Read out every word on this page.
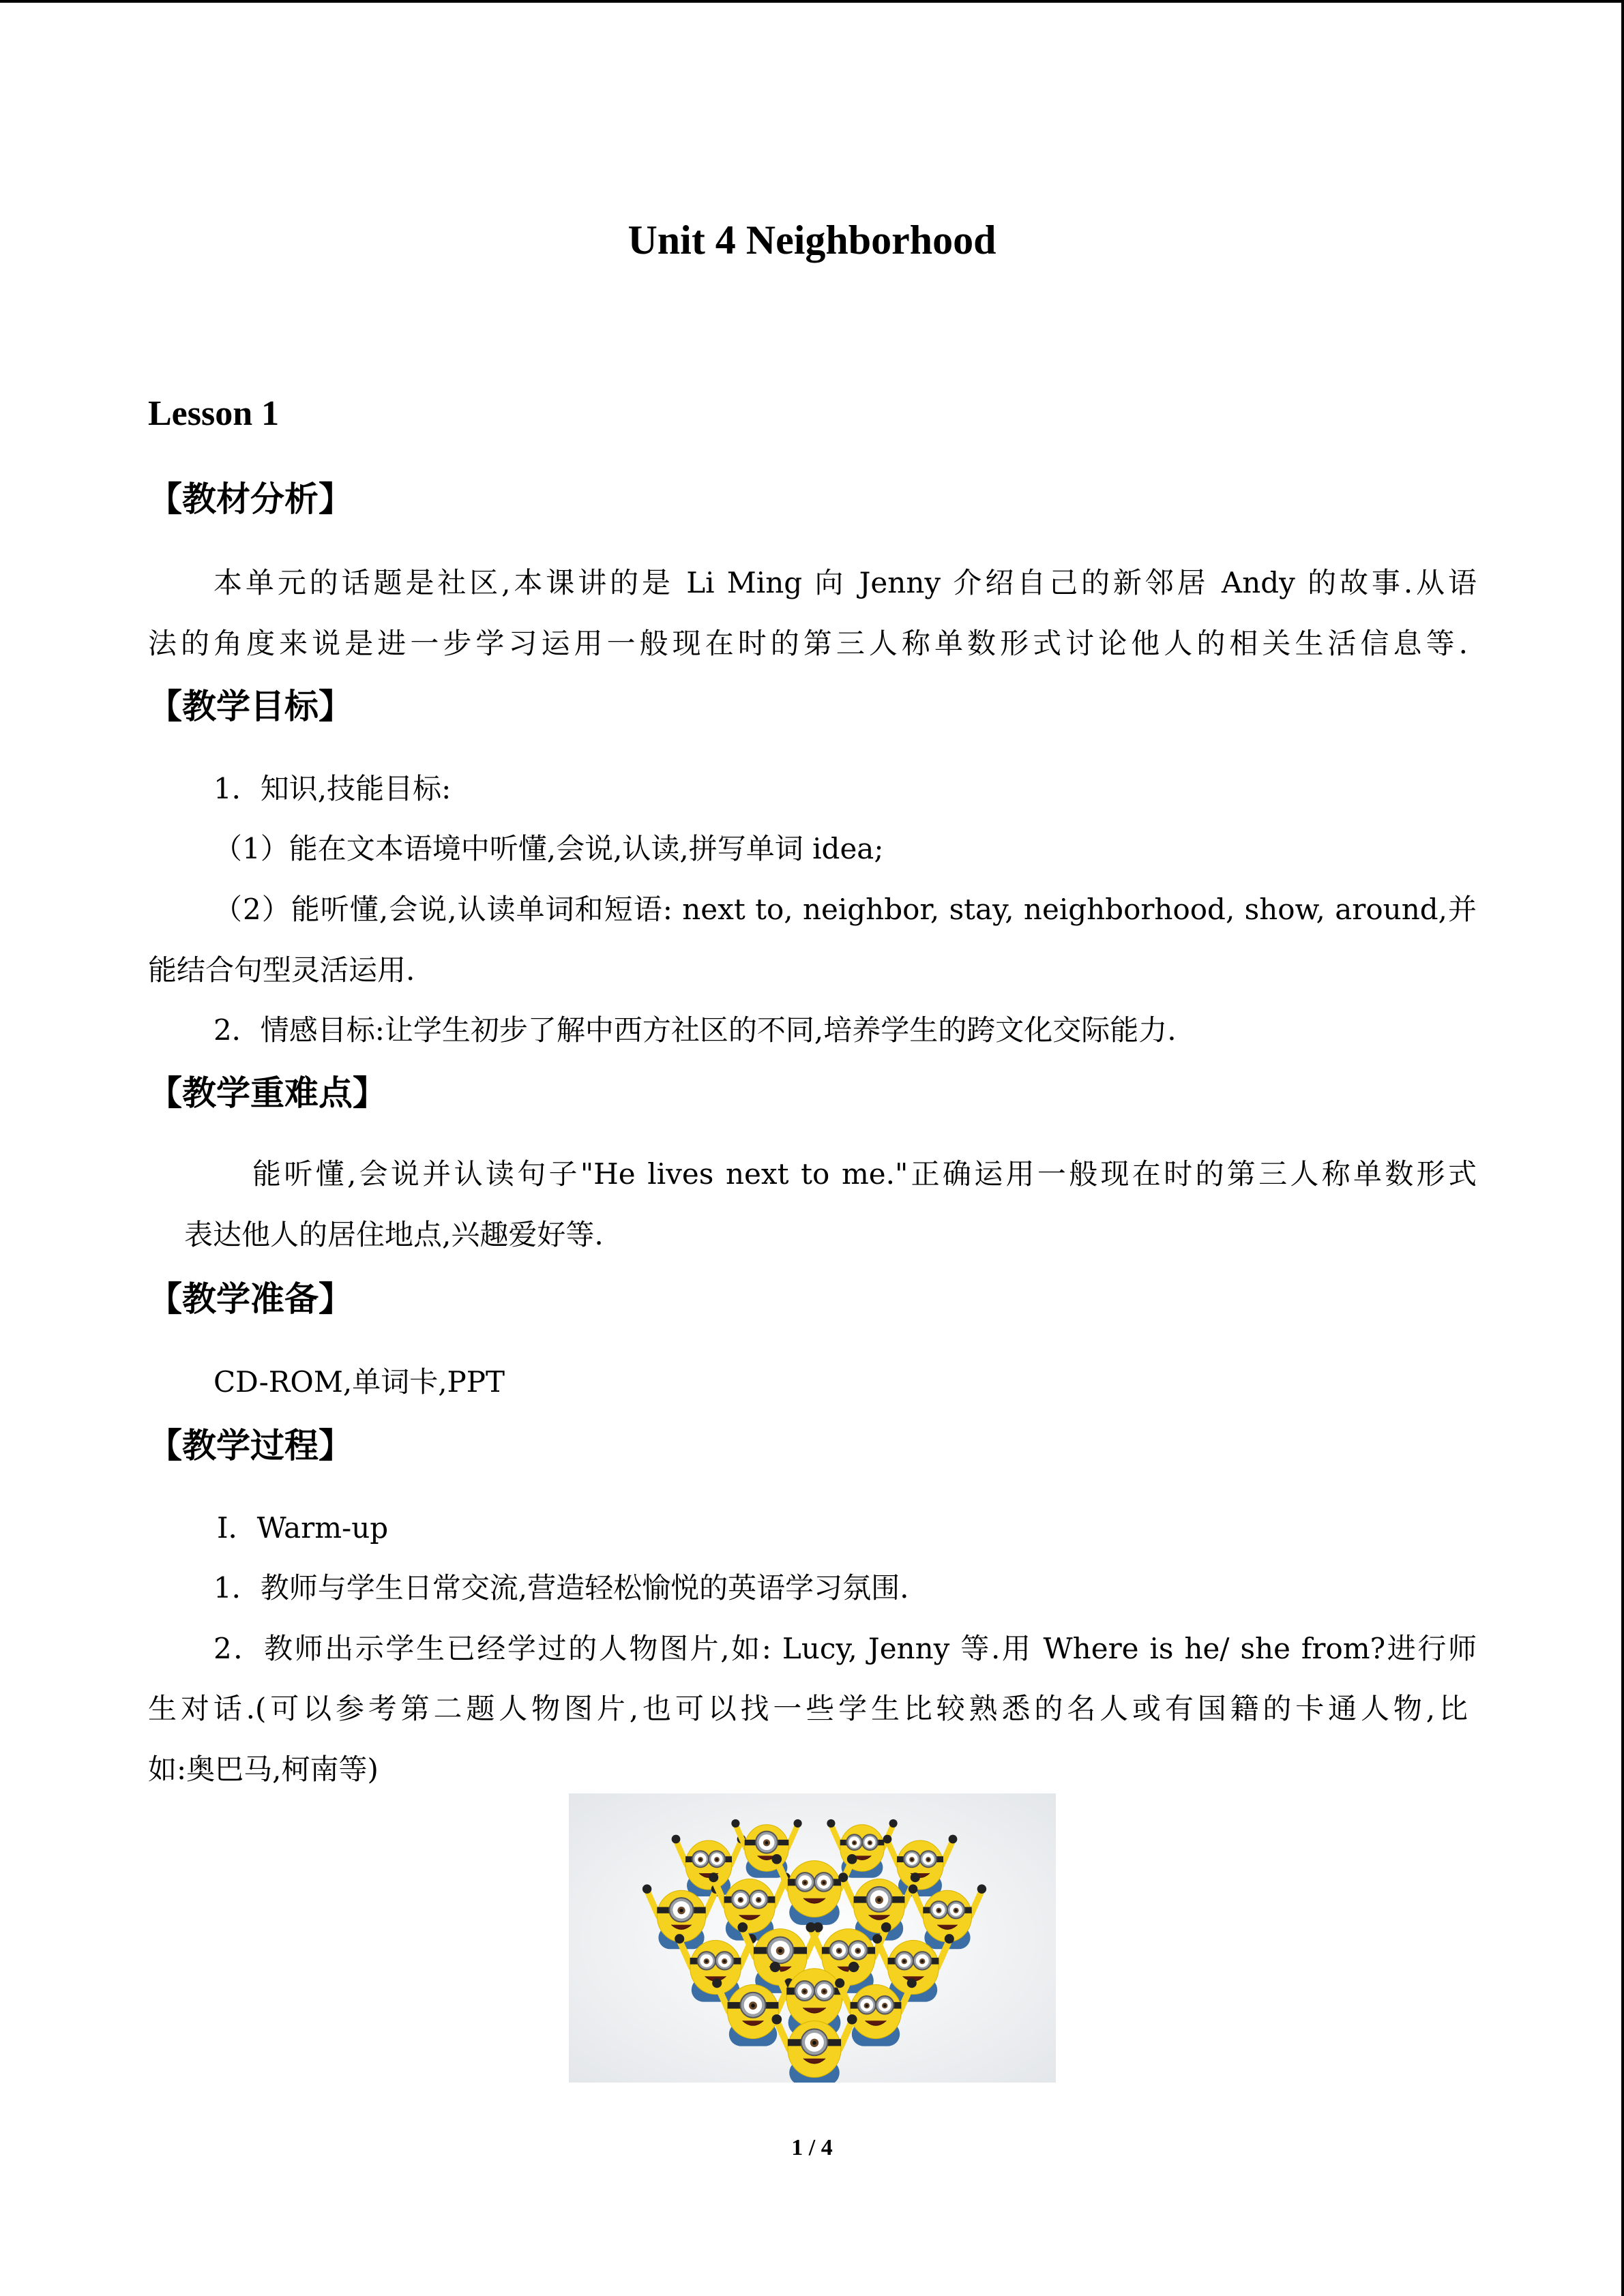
Unit 4 Neighborhood
Lesson 1
【教材分析】
本单元的话题是社区,本课讲的是 Li Ming 向 Jenny 介绍自己的新邻居 Andy 的故事.从语
法的角度来说是进一步学习运用一般现在时的第三人称单数形式讨论他人的相关生活信息等.
【教学目标】
1．知识,技能目标:
（1）能在文本语境中听懂,会说,认读,拼写单词 idea;
（2）能听懂,会说,认读单词和短语: next to, neighbor, stay, neighborhood, show, around,并
能结合句型灵活运用.
2．情感目标:让学生初步了解中西方社区的不同,培养学生的跨文化交际能力.
【教学重难点】
能听懂,会说并认读句子"He lives next to me."正确运用一般现在时的第三人称单数形式
表达他人的居住地点,兴趣爱好等.
【教学准备】
CD-ROM,单词卡,PPT
【教学过程】
Ⅰ．Warm-up
1．教师与学生日常交流,营造轻松愉悦的英语学习氛围.
2．教师出示学生已经学过的人物图片,如: Lucy, Jenny 等.用 Where is he/ she from?进行师
生对话.(可以参考第二题人物图片,也可以找一些学生比较熟悉的名人或有国籍的卡通人物,比
如:奥巴马,柯南等)
1 / 4
